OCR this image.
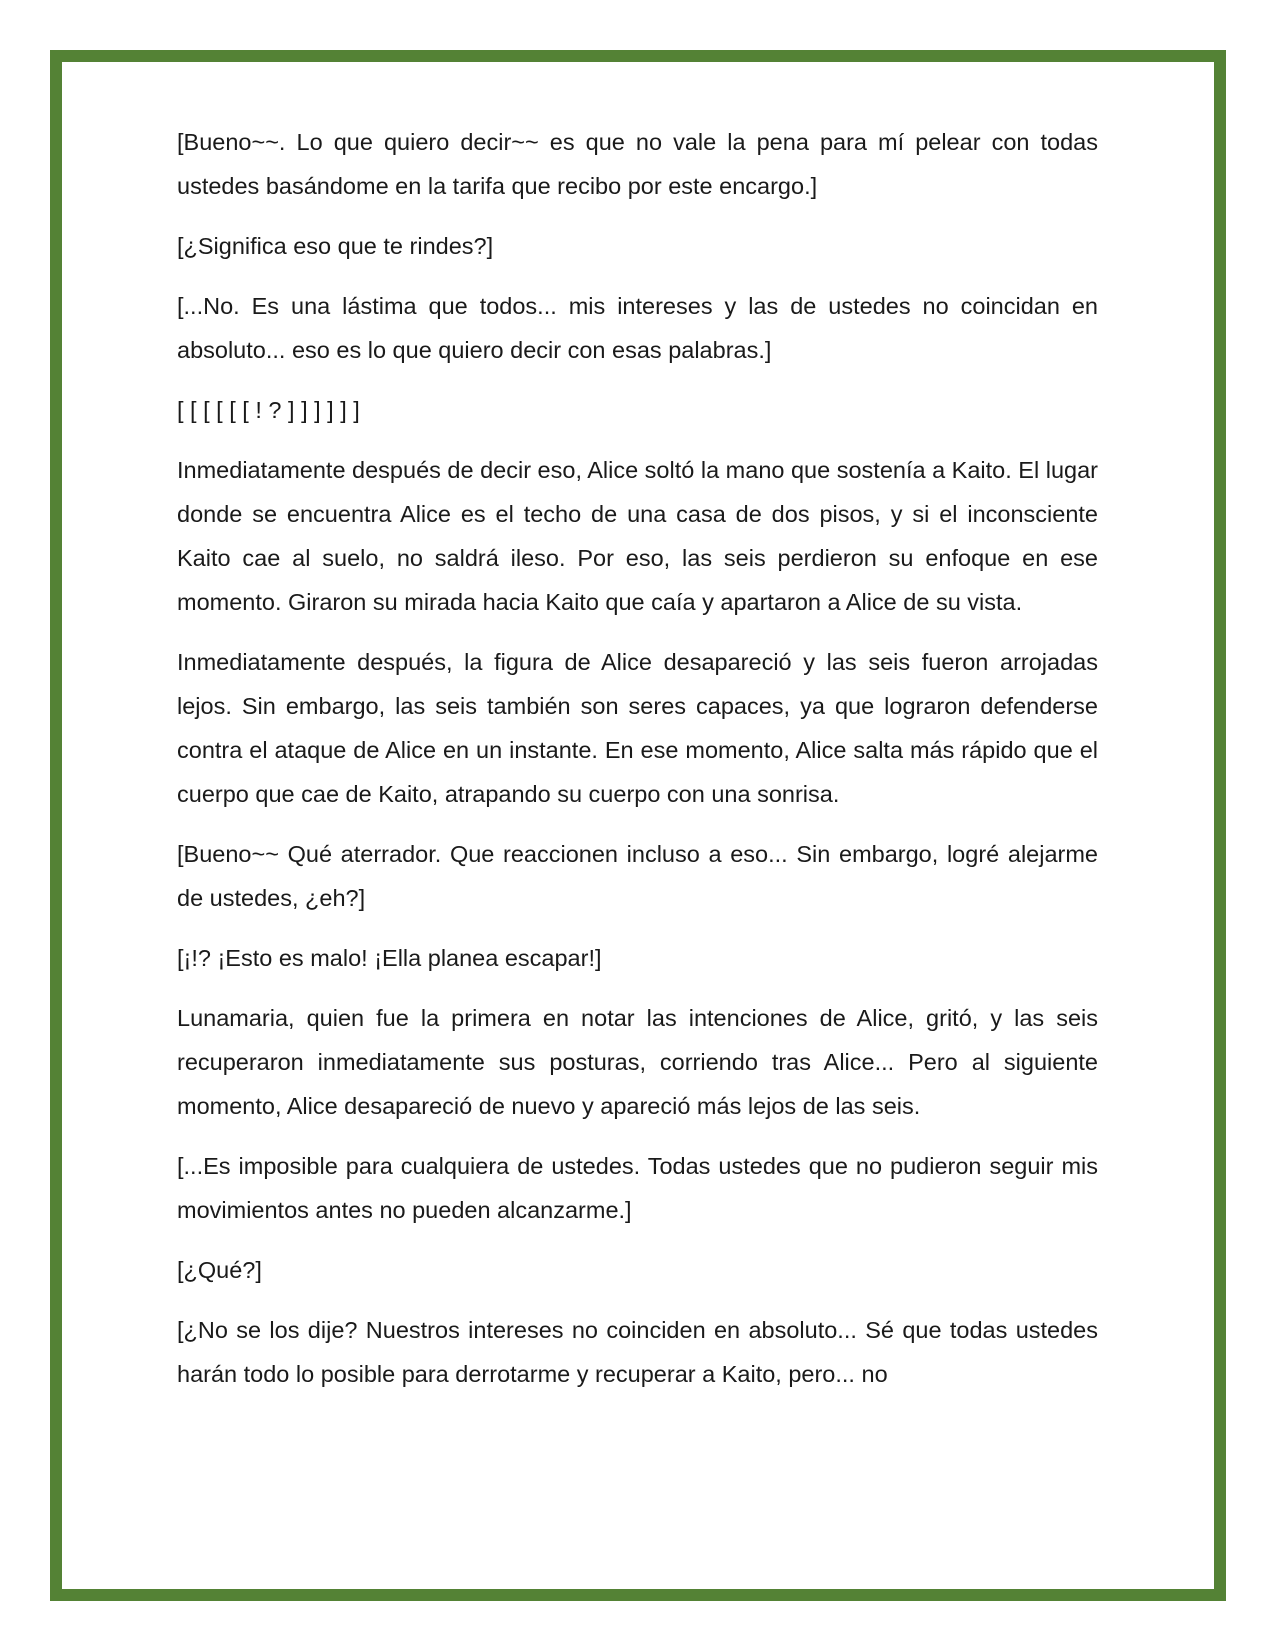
[Bueno~~. Lo que quiero decir~~ es que no vale la pena para mí pelear con todas ustedes basándome en la tarifa que recibo por este encargo.]

[¿Significa eso que te rindes?]

[...No. Es una lástima que todos... mis intereses y las de ustedes no coincidan en absoluto... eso es lo que quiero decir con esas palabras.]

[ [ [ [ [ [ ! ? ] ] ] ] ] ]

Inmediatamente después de decir eso, Alice soltó la mano que sostenía a Kaito. El lugar donde se encuentra Alice es el techo de una casa de dos pisos, y si el inconsciente Kaito cae al suelo, no saldrá ileso. Por eso, las seis perdieron su enfoque en ese momento. Giraron su mirada hacia Kaito que caía y apartaron a Alice de su vista.

Inmediatamente después, la figura de Alice desapareció y las seis fueron arrojadas lejos. Sin embargo, las seis también son seres capaces, ya que lograron defenderse contra el ataque de Alice en un instante. En ese momento, Alice salta más rápido que el cuerpo que cae de Kaito, atrapando su cuerpo con una sonrisa.

[Bueno~~ Qué aterrador. Que reaccionen incluso a eso... Sin embargo, logré alejarme de ustedes, ¿eh?]

[¡!? ¡Esto es malo! ¡Ella planea escapar!]

Lunamaria, quien fue la primera en notar las intenciones de Alice, gritó, y las seis recuperaron inmediatamente sus posturas, corriendo tras Alice... Pero al siguiente momento, Alice desapareció de nuevo y apareció más lejos de las seis.

[...Es imposible para cualquiera de ustedes. Todas ustedes que no pudieron seguir mis movimientos antes no pueden alcanzarme.]

[¿Qué?]

[¿No se los dije? Nuestros intereses no coinciden en absoluto... Sé que todas ustedes harán todo lo posible para derrotarme y recuperar a Kaito, pero... no
